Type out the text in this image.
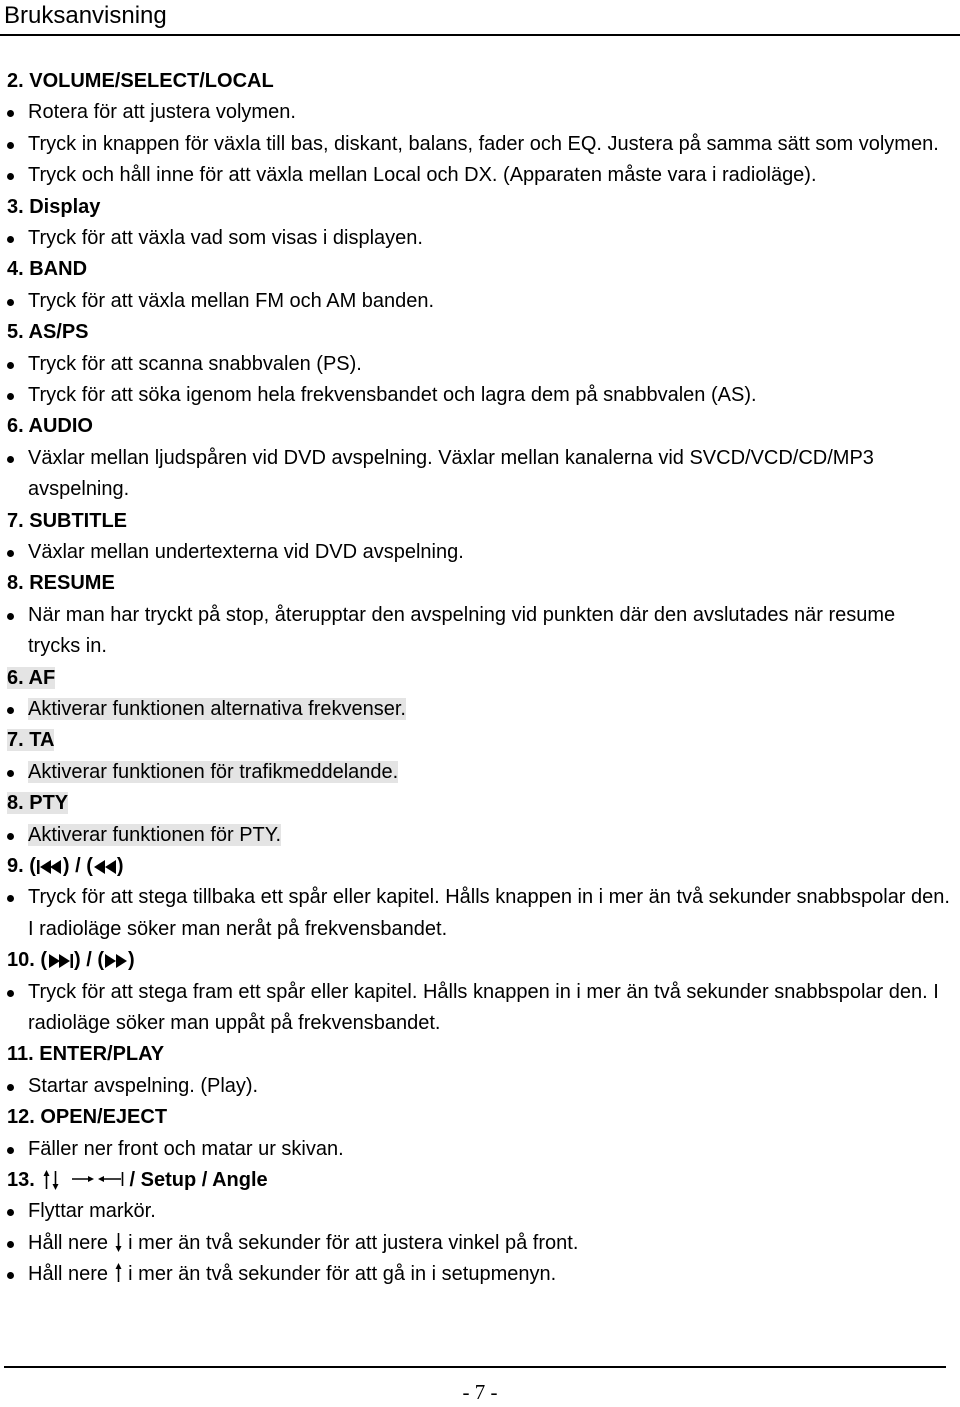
Bruksanvisning
2. VOLUME/SELECT/LOCAL
Rotera för att justera volymen.
Tryck in knappen för växla till bas, diskant, balans, fader och EQ. Justera på samma sätt som volymen.
Tryck och håll inne för att växla mellan Local och DX. (Apparaten måste vara i radioläge).
3. Display
Tryck för att växla vad som visas i displayen.
4. BAND
Tryck för att växla mellan FM och AM banden.
5. AS/PS
Tryck för att scanna snabbvalen (PS).
Tryck för att söka igenom hela frekvensbandet och lagra dem på snabbvalen (AS).
6. AUDIO
Växlar mellan ljudspåren vid DVD avspelning. Växlar mellan kanalerna vid SVCD/VCD/CD/MP3 avspelning.
7. SUBTITLE
Växlar mellan undertexterna vid DVD avspelning.
8. RESUME
När man har tryckt på stop, återupptar den avspelning vid punkten där den avslutades när resume trycks in.
6. AF
Aktiverar funktionen alternativa frekvenser.
7. TA
Aktiverar funktionen för trafikmeddelande.
8. PTY
Aktiverar funktionen för PTY.
9. ( ) / ( )
Tryck för att stega tillbaka ett spår eller kapitel. Hålls knappen in i mer än två sekunder snabbspolar den. I radioläge söker man neråt på frekvensbandet.
10. ( ) / ( )
Tryck för att stega fram ett spår eller kapitel. Hålls knappen in i mer än två sekunder snabbspolar den. I radioläge söker man uppåt på frekvensbandet.
11. ENTER/PLAY
Startar avspelning. (Play).
12. OPEN/EJECT
Fäller ner front och matar ur skivan.
13.	/ Setup / Angle
Flyttar markör.
Håll nere  i mer än två sekunder för att justera vinkel på front.
Håll nere  i mer än två sekunder för att gå in i setupmenyn.
- 7 -
